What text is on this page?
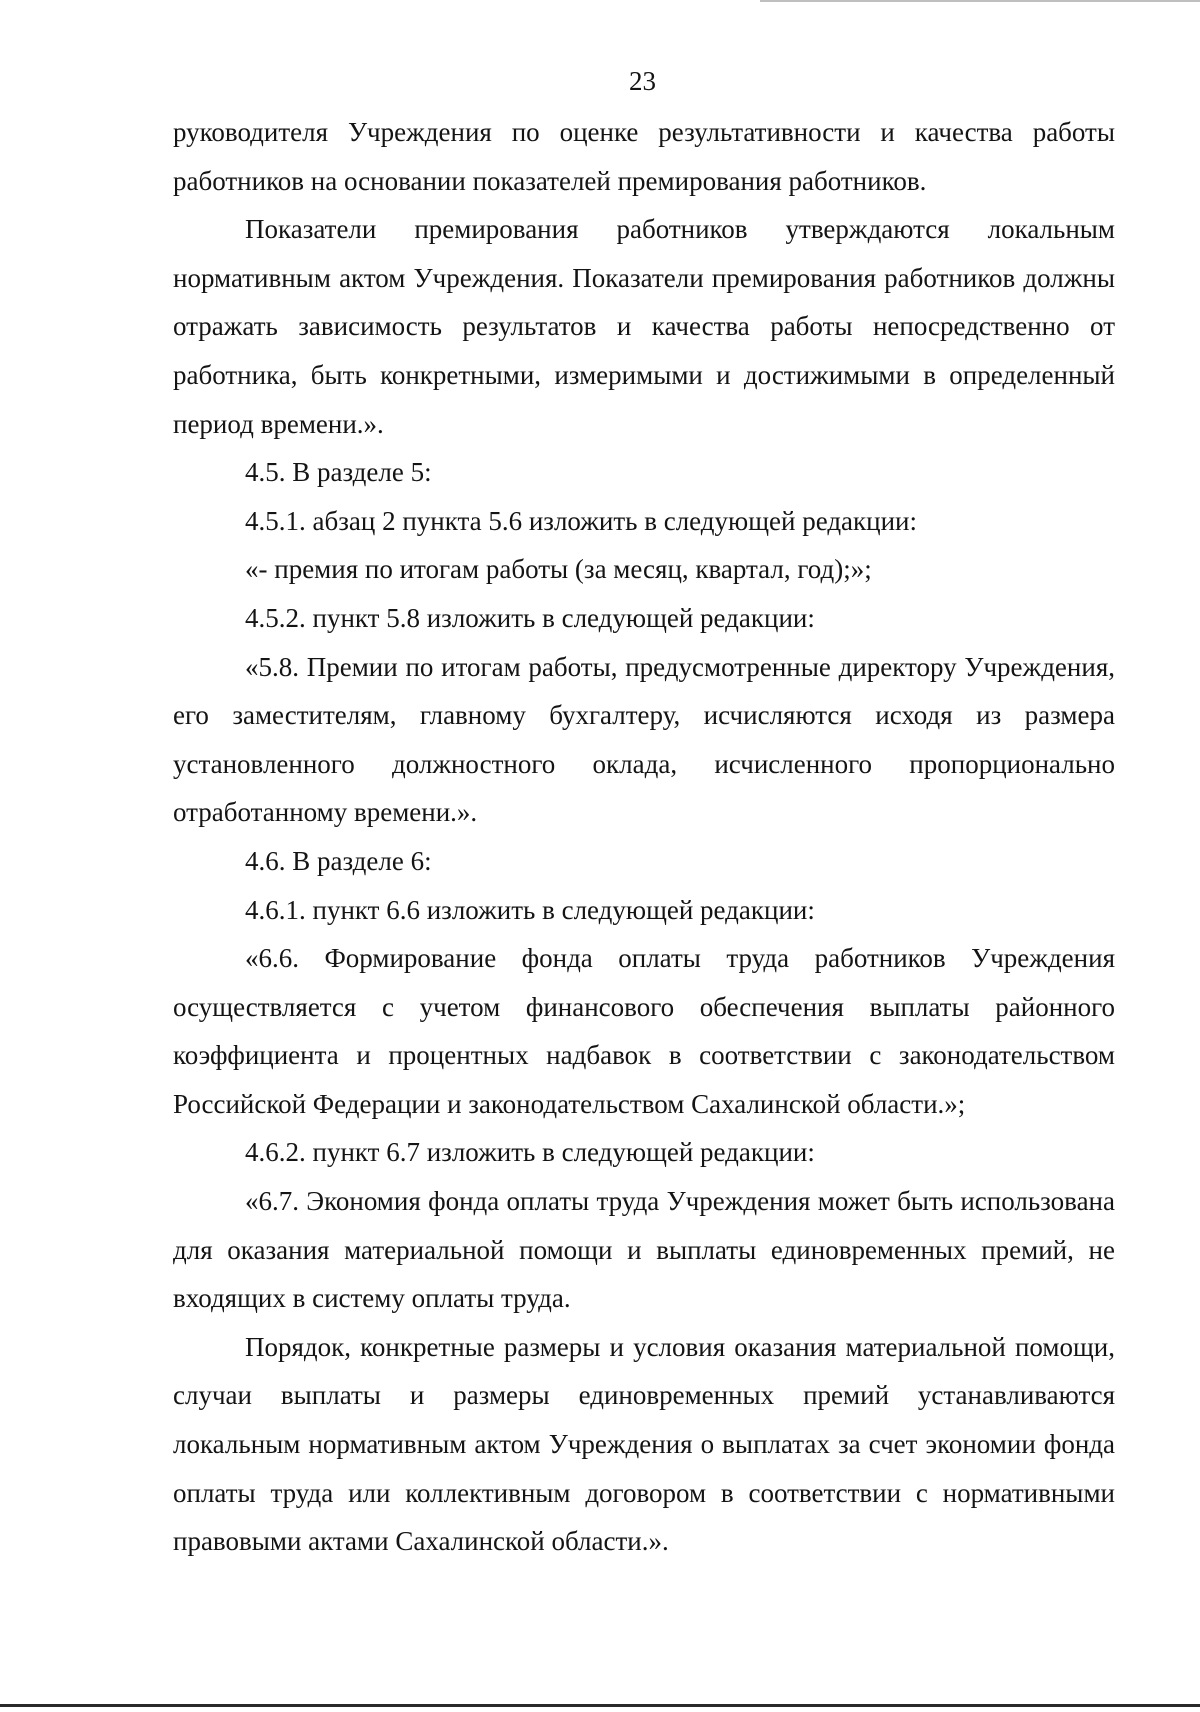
23

руководителя Учреждения по оценке результативности и качества работы работников на основании показателей премирования работников.

Показатели премирования работников утверждаются локальным нормативным актом Учреждения. Показатели премирования работников должны отражать зависимость результатов и качества работы непосредственно от работника, быть конкретными, измеримыми и достижимыми в определенный период времени.».

4.5. В разделе 5:

4.5.1. абзац 2 пункта 5.6 изложить в следующей редакции:

«- премия по итогам работы (за месяц, квартал, год);»;

4.5.2. пункт 5.8 изложить в следующей редакции:

«5.8. Премии по итогам работы, предусмотренные директору Учреждения, его заместителям, главному бухгалтеру, исчисляются исходя из размера установленного должностного оклада, исчисленного пропорционально отработанному времени.».

4.6. В разделе 6:

4.6.1. пункт 6.6 изложить в следующей редакции:

«6.6. Формирование фонда оплаты труда работников Учреждения осуществляется с учетом финансового обеспечения выплаты районного коэффициента и процентных надбавок в соответствии с законодательством Российской Федерации и законодательством Сахалинской области.»;

4.6.2. пункт 6.7 изложить в следующей редакции:

«6.7. Экономия фонда оплаты труда Учреждения может быть использована для оказания материальной помощи и выплаты единовременных премий, не входящих в систему оплаты труда.

Порядок, конкретные размеры и условия оказания материальной помощи, случаи выплаты и размеры единовременных премий устанавливаются локальным нормативным актом Учреждения о выплатах за счет экономии фонда оплаты труда или коллективным договором в соответствии с нормативными правовыми актами Сахалинской области.».
